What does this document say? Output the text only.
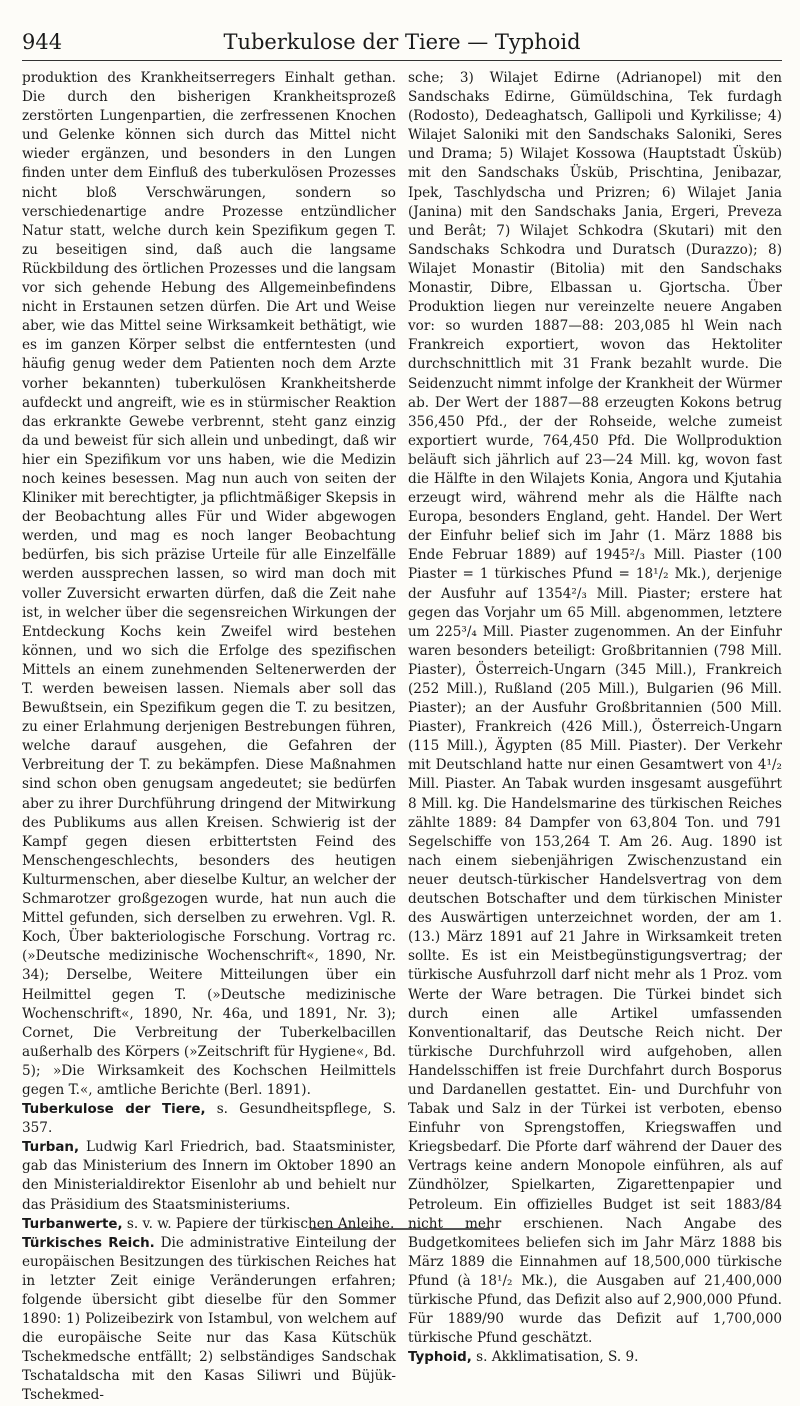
944	Tuberkulose der Tiere — Typhoid

produktion des Krankheitserregers Einhalt gethan. Die durch den bisherigen Krankheitsprozeß zerstörten Lungenpartien, die zerfressenen Knochen und Gelenke können sich durch das Mittel nicht wieder ergänzen, und besonders in den Lungen finden unter dem Einfluß des tuberkulösen Prozesses nicht bloß Verschwärungen, sondern so verschiedenartige andre Prozesse entzündlicher Natur statt, welche durch kein Spezifikum gegen T. zu beseitigen sind, daß auch die langsame Rückbildung des örtlichen Prozesses und die langsam vor sich gehende Hebung des Allgemeinbefindens nicht in Erstaunen setzen dürfen. Die Art und Weise aber, wie das Mittel seine Wirksamkeit bethätigt, wie es im ganzen Körper selbst die entferntesten (und häufig genug weder dem Patienten noch dem Arzte vorher bekannten) tuberkulösen Krankheitsherde aufdeckt und angreift, wie es in stürmischer Reaktion das erkrankte Gewebe verbrennt, steht ganz einzig da und beweist für sich allein und unbedingt, daß wir hier ein Spezifikum vor uns haben, wie die Medizin noch keines besessen. Mag nun auch von seiten der Kliniker mit berechtigter, ja pflichtmäßiger Skepsis in der Beobachtung alles Für und Wider abgewogen werden, und mag es noch langer Beobachtung bedürfen, bis sich präzise Urteile für alle Einzelfälle werden aussprechen lassen, so wird man doch mit voller Zuversicht erwarten dürfen, daß die Zeit nahe ist, in welcher über die segensreichen Wirkungen der Entdeckung Kochs kein Zweifel wird bestehen können, und wo sich die Erfolge des spezifischen Mittels an einem zunehmenden Seltenerwerden der T. werden beweisen lassen. Niemals aber soll das Bewußtsein, ein Spezifikum gegen die T. zu besitzen, zu einer Erlahmung derjenigen Bestrebungen führen, welche darauf ausgehen, die Gefahren der Verbreitung der T. zu bekämpfen. Diese Maßnahmen sind schon oben genugsam angedeutet; sie bedürfen aber zu ihrer Durchführung dringend der Mitwirkung des Publikums aus allen Kreisen. Schwierig ist der Kampf gegen diesen erbittertsten Feind des Menschengeschlechts, besonders des heutigen Kulturmenschen, aber dieselbe Kultur, an welcher der Schmarotzer großgezogen wurde, hat nun auch die Mittel gefunden, sich derselben zu erwehren. Vgl. R. Koch, Über bakteriologische Forschung. Vortrag rc. (»Deutsche medizinische Wochenschrift«, 1890, Nr. 34); Derselbe, Weitere Mitteilungen über ein Heilmittel gegen T. (»Deutsche medizinische Wochenschrift«, 1890, Nr. 46a, und 1891, Nr. 3); Cornet, Die Verbreitung der Tuberkelbacillen außerhalb des Körpers (»Zeitschrift für Hygiene«, Bd. 5); »Die Wirksamkeit des Kochschen Heilmittels gegen T.«, amtliche Berichte (Berl. 1891).

Tuberkulose der Tiere, s. Gesundheitspflege, S. 357.

Turban, Ludwig Karl Friedrich, bad. Staatsminister, gab das Ministerium des Innern im Oktober 1890 an den Ministerialdirektor Eisenlohr ab und behielt nur das Präsidium des Staatsministeriums.

Turbanwerte, s. v. w. Papiere der türkischen Anleihe.

Türkisches Reich. Die administrative Einteilung der europäischen Besitzungen des türkischen Reiches hat in letzter Zeit einige Veränderungen erfahren; folgende übersicht gibt dieselbe für den Sommer 1890: 1) Polizeibezirk von Istambul, von welchem auf die europäische Seite nur das Kasa Kütschük Tschekmedsche entfällt; 2) selbständiges Sandschak Tschataldscha mit den Kasas Siliwri und Büjük-Tschekmed-

sche; 3) Wilajet Edirne (Adrianopel) mit den Sandschaks Edirne, Gümüldschina, Tek furdagh (Rodosto), Dedeaghatsch, Gallipoli und Kyrkilisse; 4) Wilajet Saloniki mit den Sandschaks Saloniki, Seres und Drama; 5) Wilajet Kossowa (Hauptstadt Üsküb) mit den Sandschaks Üsküb, Prischtina, Jenibazar, Ipek, Taschlydscha und Prizren; 6) Wilajet Jania (Janina) mit den Sandschaks Jania, Ergeri, Preveza und Berât; 7) Wilajet Schkodra (Skutari) mit den Sandschaks Schkodra und Duratsch (Durazzo); 8) Wilajet Monastir (Bitolia) mit den Sandschaks Monastir, Dibre, Elbassan u. Gjortscha. Über Produktion liegen nur vereinzelte neuere Angaben vor: so wurden 1887—88: 203,085 hl Wein nach Frankreich exportiert, wovon das Hektoliter durchschnittlich mit 31 Frank bezahlt wurde. Die Seidenzucht nimmt infolge der Krankheit der Würmer ab. Der Wert der 1887—88 erzeugten Kokons betrug 356,450 Pfd., der der Rohseide, welche zumeist exportiert wurde, 764,450 Pfd. Die Wollproduktion beläuft sich jährlich auf 23—24 Mill. kg, wovon fast die Hälfte in den Wilajets Konia, Angora und Kjutahia erzeugt wird, während mehr als die Hälfte nach Europa, besonders England, geht. Handel. Der Wert der Einfuhr belief sich im Jahr (1. März 1888 bis Ende Februar 1889) auf 1945²/₃ Mill. Piaster (100 Piaster = 1 türkisches Pfund = 18¹/₂ Mk.), derjenige der Ausfuhr auf 1354²/₃ Mill. Piaster; erstere hat gegen das Vorjahr um 65 Mill. abgenommen, letztere um 225³/₄ Mill. Piaster zugenommen. An der Einfuhr waren besonders beteiligt: Großbritannien (798 Mill. Piaster), Österreich-Ungarn (345 Mill.), Frankreich (252 Mill.), Rußland (205 Mill.), Bulgarien (96 Mill. Piaster); an der Ausfuhr Großbritannien (500 Mill. Piaster), Frankreich (426 Mill.), Österreich-Ungarn (115 Mill.), Ägypten (85 Mill. Piaster). Der Verkehr mit Deutschland hatte nur einen Gesamtwert von 4¹/₂ Mill. Piaster. An Tabak wurden insgesamt ausgeführt 8 Mill. kg. Die Handelsmarine des türkischen Reiches zählte 1889: 84 Dampfer von 63,804 Ton. und 791 Segelschiffe von 153,264 T. Am 26. Aug. 1890 ist nach einem siebenjährigen Zwischenzustand ein neuer deutsch-türkischer Handelsvertrag von dem deutschen Botschafter und dem türkischen Minister des Auswärtigen unterzeichnet worden, der am 1. (13.) März 1891 auf 21 Jahre in Wirksamkeit treten sollte. Es ist ein Meistbegünstigungsvertrag; der türkische Ausfuhrzoll darf nicht mehr als 1 Proz. vom Werte der Ware betragen. Die Türkei bindet sich durch einen alle Artikel umfassenden Konventionaltarif, das Deutsche Reich nicht. Der türkische Durchfuhrzoll wird aufgehoben, allen Handelsschiffen ist freie Durchfahrt durch Bosporus und Dardanellen gestattet. Ein- und Durchfuhr von Tabak und Salz in der Türkei ist verboten, ebenso Einfuhr von Sprengstoffen, Kriegswaffen und Kriegsbedarf. Die Pforte darf während der Dauer des Vertrags keine andern Monopole einführen, als auf Zündhölzer, Spielkarten, Zigarettenpapier und Petroleum. Ein offizielles Budget ist seit 1883/84 nicht mehr erschienen. Nach Angabe des Budgetkomitees beliefen sich im Jahr März 1888 bis März 1889 die Einnahmen auf 18,500,000 türkische Pfund (à 18¹/₂ Mk.), die Ausgaben auf 21,400,000 türkische Pfund, das Defizit also auf 2,900,000 Pfund. Für 1889/90 wurde das Defizit auf 1,700,000 türkische Pfund geschätzt.

Typhoid, s. Akklimatisation, S. 9.
